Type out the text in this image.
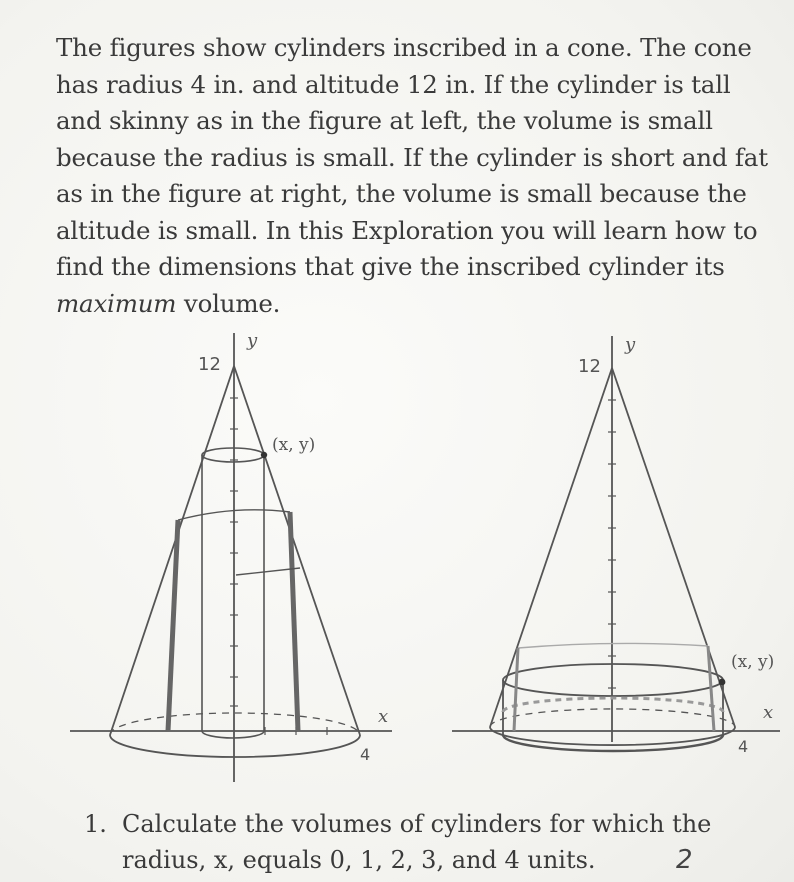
The figures show cylinders inscribed in a cone. The cone
has radius 4 in. and altitude 12 in. If the cylinder is tall
and skinny as in the figure at left, the volume is small
because the radius is small. If the cylinder is short and fat
as in the figure at right, the volume is small because the
altitude is small. In this Exploration you will learn how to
find the dimensions that give the inscribed cylinder its
maximum volume.
y
12
(x, y)
x
4
y
12
(x, y)
x
4
1. Calculate the volumes of cylinders for which the
radius, x, equals 0, 1, 2, 3, and 4 units.	2
